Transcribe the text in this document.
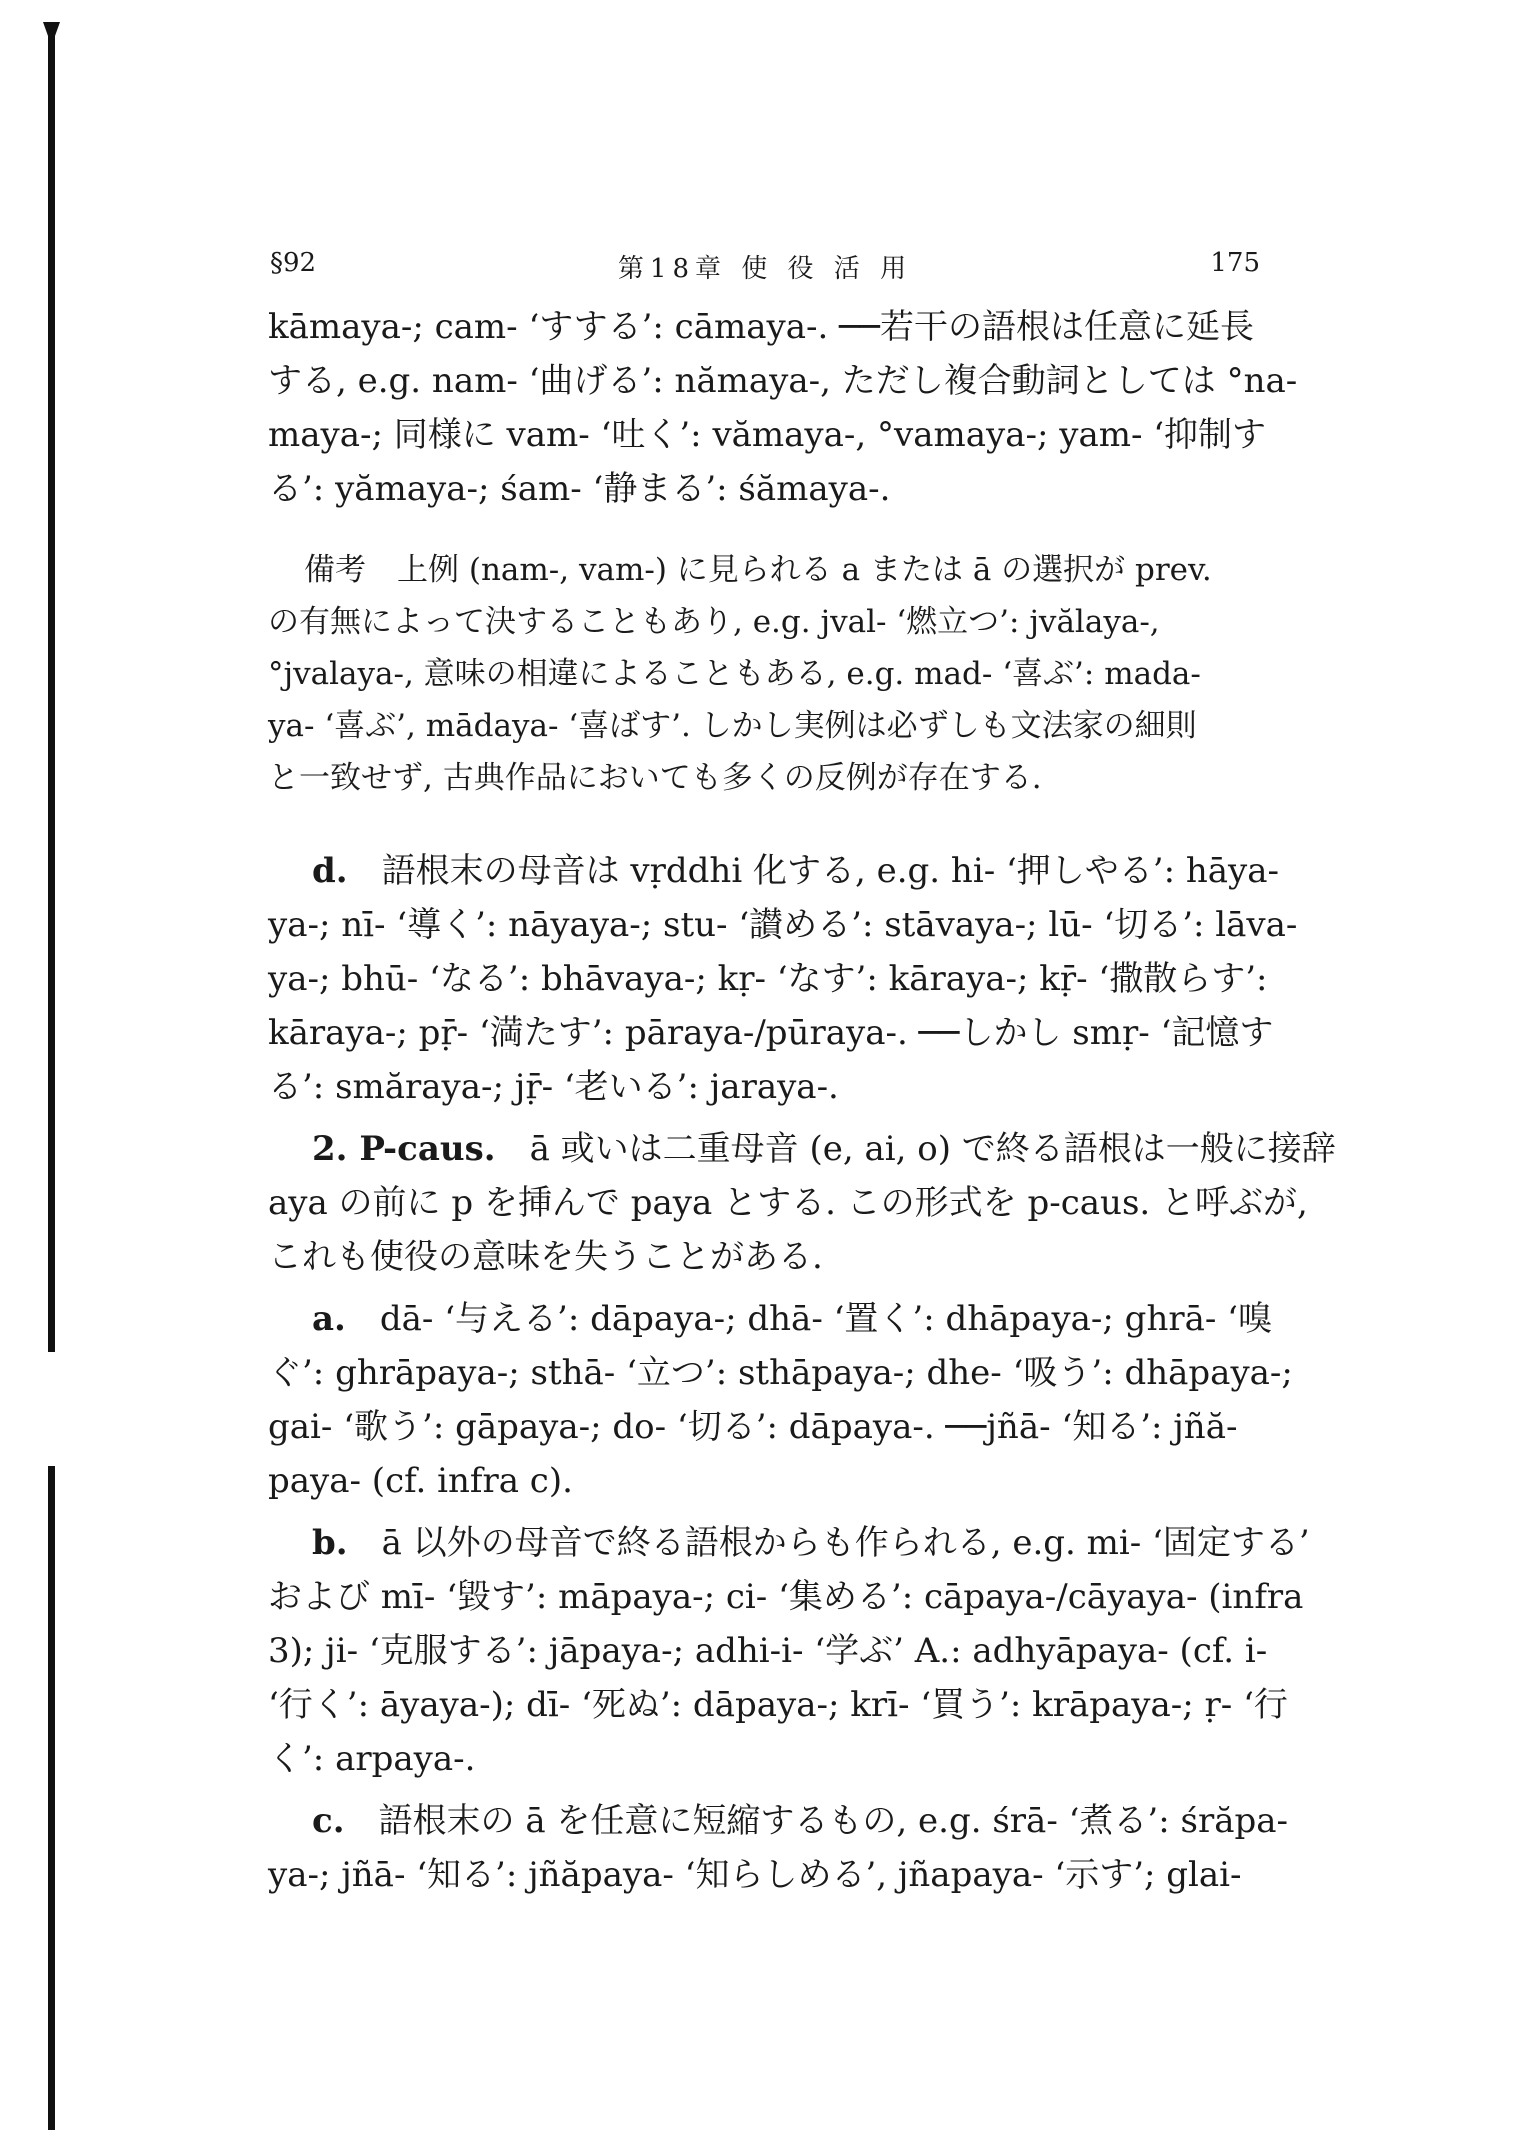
§92	第18章 使 役 活 用	175

kāmaya-; cam- ‘すする’: cāmaya-. ──若干の語根は任意に延長
する, e.g. nam- ‘曲げる’: nămaya-, ただし複合動詞としては °na-
maya-; 同様に vam- ‘吐く’: vămaya-, °vamaya-; yam- ‘抑制す
る’: yămaya-; śam- ‘静まる’: śămaya-.

備考　 上例 (nam-, vam-) に見られる a または ā の選択が prev.
の有無によって決することもあり, e.g. jval- ‘燃立つ’: jvălaya-,
°jvalaya-, 意味の相違によることもある, e.g. mad- ‘喜ぶ’: mada-
ya- ‘喜ぶ’, mādaya- ‘喜ばす’. しかし実例は必ずしも文法家の細則
と一致せず, 古典作品においても多くの反例が存在する.

d.　 語根末の母音は vṛddhi 化する, e.g. hi- ‘押しやる’: hāya-
ya-; nī- ‘導く’: nāyaya-; stu- ‘讃める’: stāvaya-; lū- ‘切る’: lāva-
ya-; bhū- ‘なる’: bhāvaya-; kṛ- ‘なす’: kāraya-; kṝ- ‘撒散らす’:
kāraya-; pṝ- ‘満たす’: pāraya-/pūraya-. ──しかし smṛ- ‘記憶す
る’: smăraya-; jṝ- ‘老いる’: jaraya-.

2. P-caus.　 ā 或いは二重母音 (e, ai, o) で終る語根は一般に接辞
aya の前に p を挿んで paya とする. この形式を p-caus. と呼ぶが,
これも使役の意味を失うことがある.

a.　 dā- ‘与える’: dāpaya-; dhā- ‘置く’: dhāpaya-; ghrā- ‘嗅
ぐ’: ghrāpaya-; sthā- ‘立つ’: sthāpaya-; dhe- ‘吸う’: dhāpaya-;
gai- ‘歌う’: gāpaya-; do- ‘切る’: dāpaya-. ──jñā- ‘知る’: jñă-
paya- (cf. infra c).

b.　 ā 以外の母音で終る語根からも作られる, e.g. mi- ‘固定する’
および mī- ‘毀す’: māpaya-; ci- ‘集める’: cāpaya-/cāyaya- (infra
3); ji- ‘克服する’: jāpaya-; adhi-i- ‘学ぶ’ A.: adhyāpaya- (cf. i-
‘行く’: āyaya-); dī- ‘死ぬ’: dāpaya-; krī- ‘買う’: krāpaya-; ṛ- ‘行
く’: arpaya-.

c.　 語根末の ā を任意に短縮するもの, e.g. śrā- ‘煮る’: śrăpa-
ya-; jñā- ‘知る’: jñăpaya- ‘知らしめる’, jñapaya- ‘示す’; glai-
